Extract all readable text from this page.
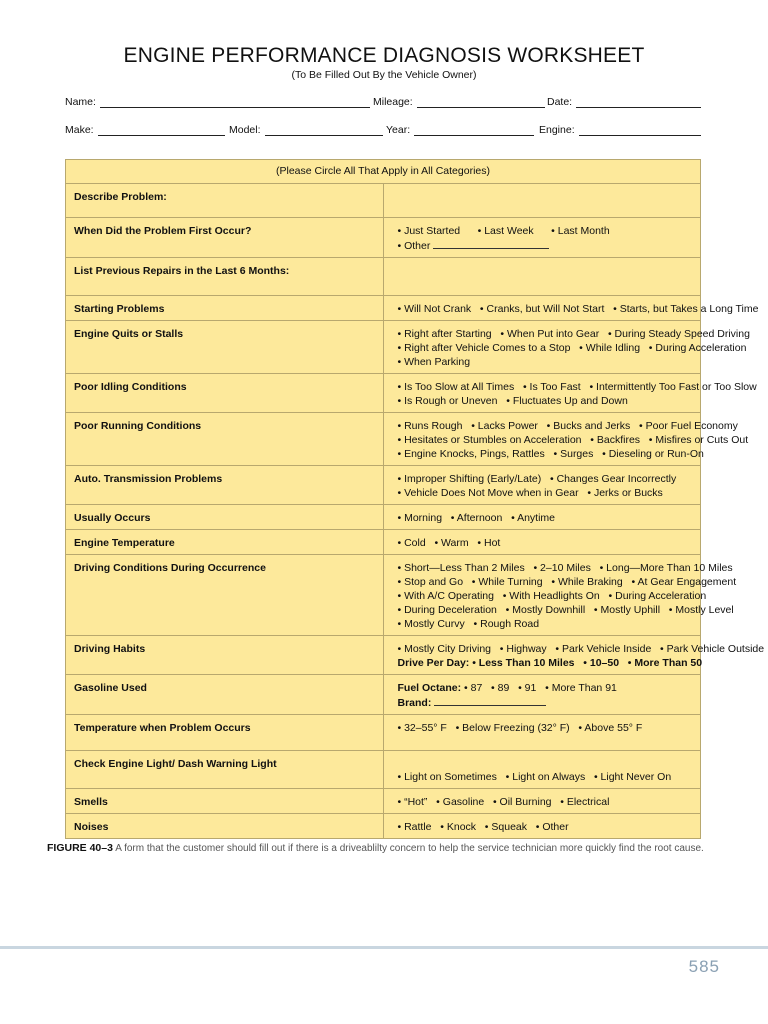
ENGINE PERFORMANCE DIAGNOSIS WORKSHEET

(To Be Filled Out By the Vehicle Owner)

Name:	Mileage:	Date:
Make:	Model:	Year:	Engine:
(Please Circle All That Apply in All Categories)	
Describe Problem:	
When Did the Problem First Occur?	• Just Started      • Last Week      • Last Month
• Other

List Previous Repairs in the Last 6 Months:	
Starting Problems	• Will Not Crank   • Cranks, but Will Not Start   • Starts, but Takes a Long Time

Engine Quits or Stalls	• Right after Starting   • When Put into Gear   • During Steady Speed Driving
• Right after Vehicle Comes to a Stop   • While Idling   • During Acceleration
• When Parking

Poor Idling Conditions	• Is Too Slow at All Times   • Is Too Fast   • Intermittently Too Fast or Too Slow
• Is Rough or Uneven   • Fluctuates Up and Down

Poor Running Conditions	• Runs Rough   • Lacks Power   • Bucks and Jerks   • Poor Fuel Economy
• Hesitates or Stumbles on Acceleration   • Backfires   • Misfires or Cuts Out
• Engine Knocks, Pings, Rattles   • Surges   • Dieseling or Run-On

Auto. Transmission Problems	• Improper Shifting (Early/Late)   • Changes Gear Incorrectly
• Vehicle Does Not Move when in Gear   • Jerks or Bucks

Usually Occurs	• Morning   • Afternoon   • Anytime

Engine Temperature	• Cold   • Warm   • Hot

Driving Conditions During Occurrence	• Short—Less Than 2 Miles   • 2–10 Miles   • Long—More Than 10 Miles
• Stop and Go   • While Turning   • While Braking   • At Gear Engagement
• With A/C Operating   • With Headlights On   • During Acceleration
• During Deceleration   • Mostly Downhill   • Mostly Uphill   • Mostly Level
• Mostly Curvy   • Rough Road

Driving Habits	• Mostly City Driving   • Highway   • Park Vehicle Inside   • Park Vehicle Outside
Drive Per Day: • Less Than 10 Miles   • 10–50   • More Than 50

Gasoline Used	Fuel Octane: • 87   • 89   • 91   • More Than 91
Brand:

Temperature when Problem Occurs	• 32–55° F   • Below Freezing (32° F)   • Above 55° F

Check Engine Light/ Dash Warning Light	• Light on Sometimes   • Light on Always   • Light Never On

Smells	• “Hot”   • Gasoline   • Oil Burning   • Electrical

Noises	• Rattle   • Knock   • Squeak   • Other

FIGURE 40–3 A form that the customer should fill out if there is a driveablilty concern to help the service technician more quickly find the root cause.

585
